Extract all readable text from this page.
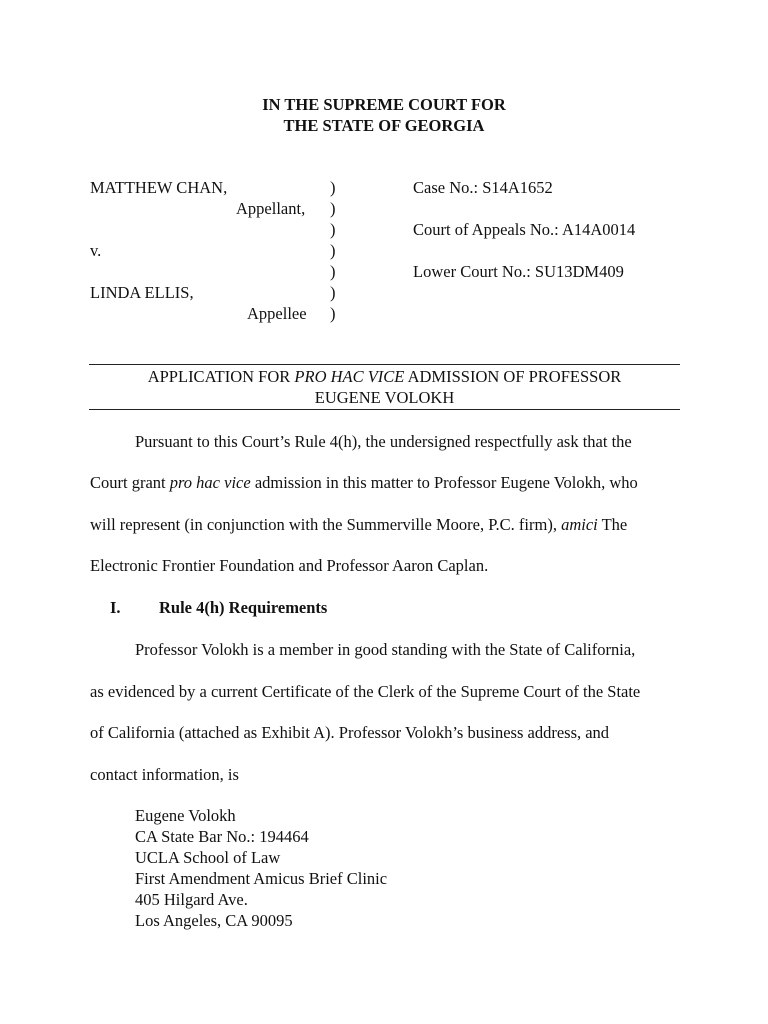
IN THE SUPREME COURT FOR
THE STATE OF GEORGIA
MATTHEW CHAN,
Appellant,
v.
LINDA ELLIS,
Appellee
)
)
)
)
)
)
)
Case No.: S14A1652
Court of Appeals No.: A14A0014
Lower Court No.: SU13DM409
APPLICATION FOR PRO HAC VICE ADMISSION OF PROFESSOR
EUGENE VOLOKH
Pursuant to this Court’s Rule 4(h), the undersigned respectfully ask that the
Court grant pro hac vice admission in this matter to Professor Eugene Volokh, who
will represent (in conjunction with the Summerville Moore, P.C. firm), amici The
Electronic Frontier Foundation and Professor Aaron Caplan.
I. Rule 4(h) Requirements
Professor Volokh is a member in good standing with the State of California,
as evidenced by a current Certificate of the Clerk of the Supreme Court of the State
of California (attached as Exhibit A). Professor Volokh’s business address, and
contact information, is
Eugene Volokh
CA State Bar No.: 194464
UCLA School of Law
First Amendment Amicus Brief Clinic
405 Hilgard Ave.
Los Angeles, CA 90095
